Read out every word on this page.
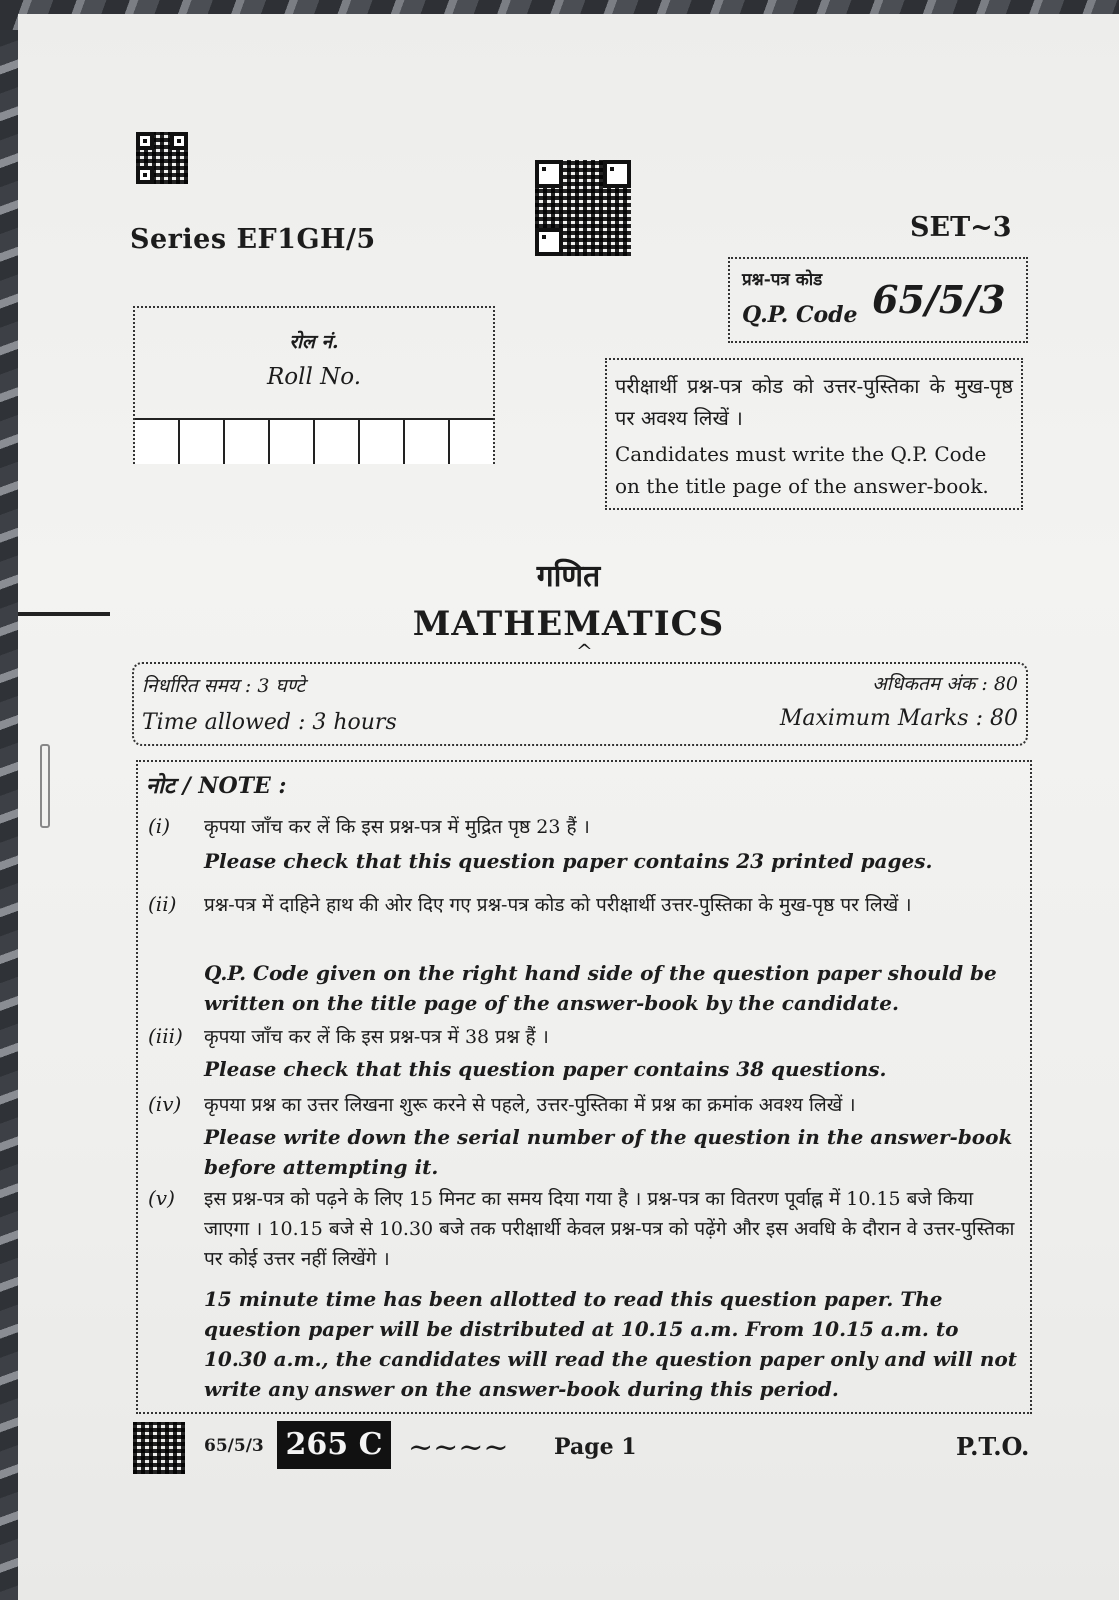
Series EF1GH/5	SET~3
प्रश्न-पत्र कोड
Q.P. Code 65/5/3
रोल नं.
Roll No.	परीक्षार्थी प्रश्न-पत्र कोड को उत्तर-पुस्तिका के मुख-पृष्ठ पर अवश्य लिखें ।
Candidates must write the Q.P. Code on the title page of the answer-book.
गणित
MATHEMATICS
^
निर्धारित समय : 3 घण्टे
Time allowed : 3 hours
अधिकतम अंक : 80
Maximum Marks : 80
नोट / NOTE :
(i) कृपया जाँच कर लें कि इस प्रश्न-पत्र में मुद्रित पृष्ठ 23 हैं ।
Please check that this question paper contains 23 printed pages.
(ii) प्रश्न-पत्र में दाहिने हाथ की ओर दिए गए प्रश्न-पत्र कोड को परीक्षार्थी उत्तर-पुस्तिका के मुख-पृष्ठ पर लिखें ।
Q.P. Code given on the right hand side of the question paper should be written on the title page of the answer-book by the candidate.
(iii) कृपया जाँच कर लें कि इस प्रश्न-पत्र में 38 प्रश्न हैं ।
Please check that this question paper contains 38 questions.
(iv) कृपया प्रश्न का उत्तर लिखना शुरू करने से पहले, उत्तर-पुस्तिका में प्रश्न का क्रमांक अवश्य लिखें ।
Please write down the serial number of the question in the answer-book before attempting it.
(v) इस प्रश्न-पत्र को पढ़ने के लिए 15 मिनट का समय दिया गया है । प्रश्न-पत्र का वितरण पूर्वाह्न में 10.15 बजे किया जाएगा । 10.15 बजे से 10.30 बजे तक परीक्षार्थी केवल प्रश्न-पत्र को पढ़ेंगे और इस अवधि के दौरान वे उत्तर-पुस्तिका पर कोई उत्तर नहीं लिखेंगे ।
15 minute time has been allotted to read this question paper. The question paper will be distributed at 10.15 a.m. From 10.15 a.m. to 10.30 a.m., the candidates will read the question paper only and will not write any answer on the answer-book during this period.
65/5/3 265 C ~~~~ Page 1	P.T.O.
